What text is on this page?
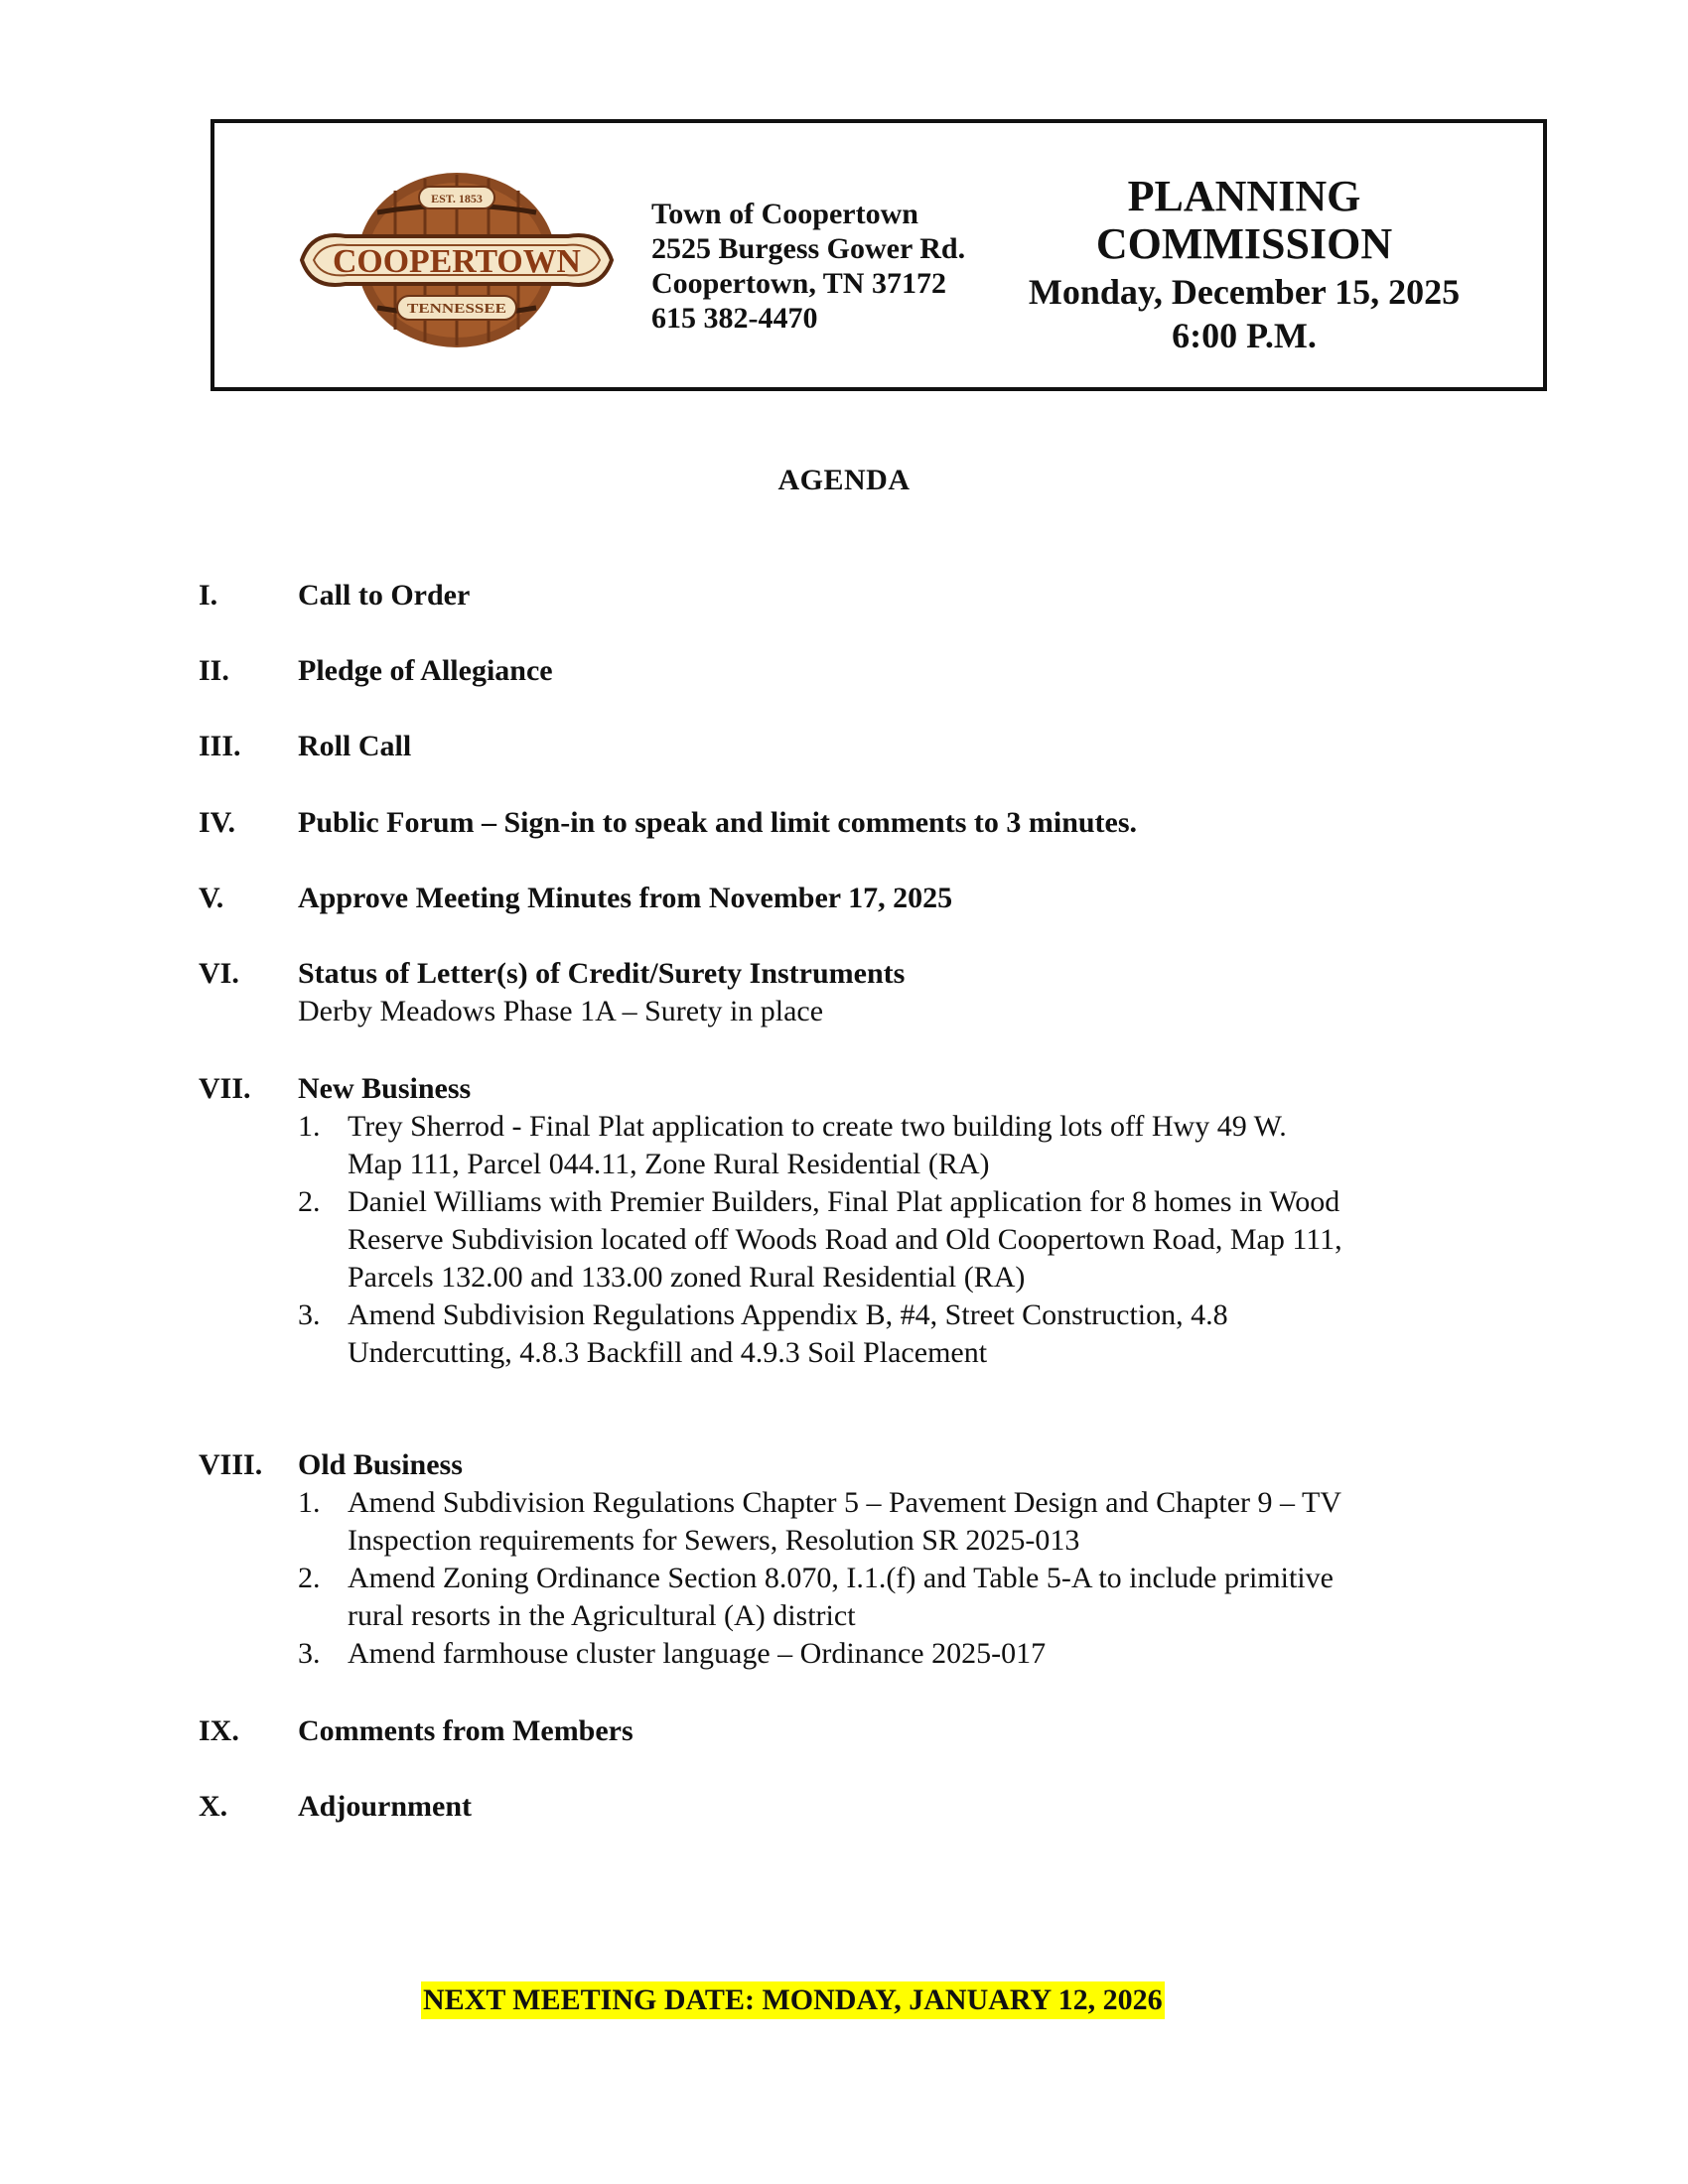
EST. 1853
COOPERTOWN
TENNESSEE
Town of Coopertown
2525 Burgess Gower Rd.
Coopertown, TN 37172
615 382-4470
PLANNING
COMMISSION
Monday, December 15, 2025
6:00 P.M.
AGENDA
I.	Call to Order
II. Pledge of Allegiance
III. Roll Call
IV. Public Forum – Sign-in to speak and limit comments to 3 minutes.
V. Approve Meeting Minutes from November 17, 2025
VI. Status of Letter(s) of Credit/Surety Instruments
Derby Meadows Phase 1A – Surety in place
VII. New Business
1. Trey Sherrod - Final Plat application to create two building lots off Hwy 49 W.
Map 111, Parcel 044.11, Zone Rural Residential (RA)
2. Daniel Williams with Premier Builders, Final Plat application for 8 homes in Wood
Reserve Subdivision located off Woods Road and Old Coopertown Road, Map 111,
Parcels 132.00 and 133.00 zoned Rural Residential (RA)
3. Amend Subdivision Regulations Appendix B, #4, Street Construction, 4.8
Undercutting, 4.8.3 Backfill and 4.9.3 Soil Placement
VIII. Old Business
1. Amend Subdivision Regulations Chapter 5 – Pavement Design and Chapter 9 – TV
Inspection requirements for Sewers, Resolution SR 2025-013
2. Amend Zoning Ordinance Section 8.070, I.1.(f) and Table 5-A to include primitive
rural resorts in the Agricultural (A) district
3. Amend farmhouse cluster language – Ordinance 2025-017
IX. Comments from Members
X. Adjournment
NEXT MEETING DATE: MONDAY, JANUARY 12, 2026
